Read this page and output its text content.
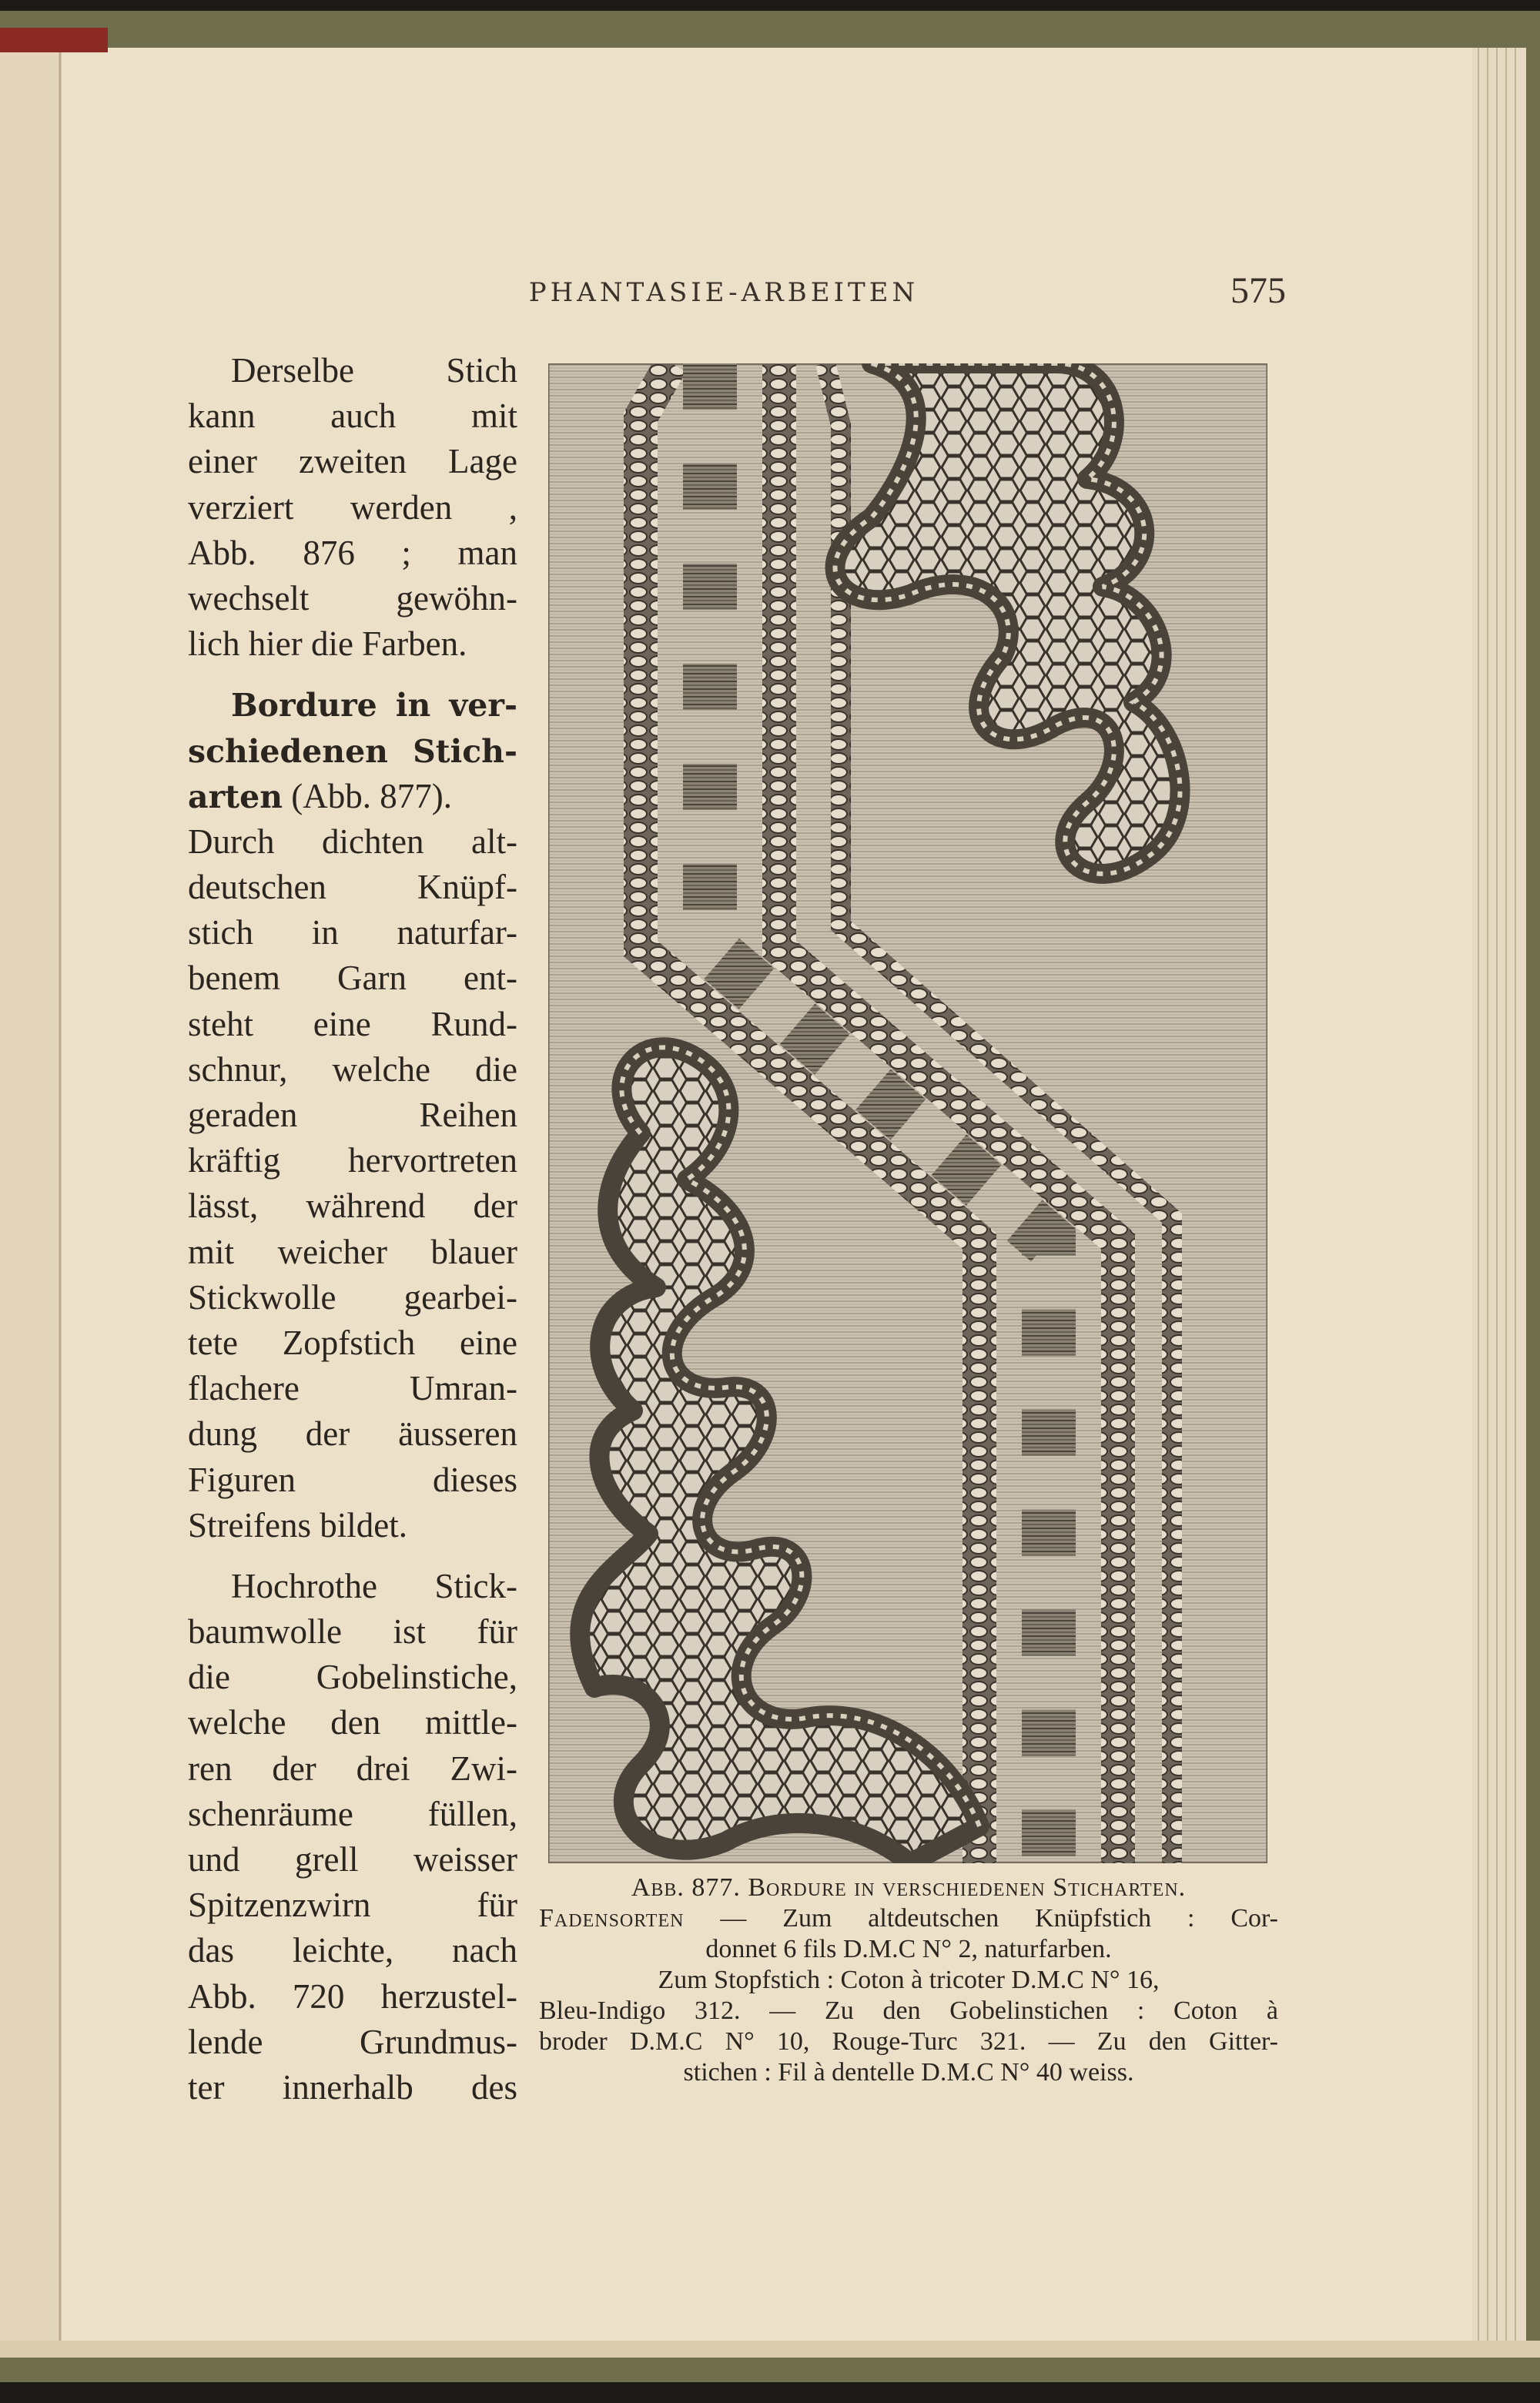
PHANTASIE-ARBEITEN	575
Derselbe Stich
kann auch mit
einer zweiten Lage
verziert werden ,
Abb. 876 ; man
wechselt gewöhn-
lich hier die Farben.
Bordure in ver-
schiedenen Stich-
arten (Abb. 877).
Durch dichten alt-
deutschen Knüpf-
stich in naturfar-
benem Garn ent-
steht eine Rund-
schnur, welche die
geraden Reihen
kräftig hervortreten
lässt, während der
mit weicher blauer
Stickwolle gearbei-
tete Zopfstich eine
flachere Umran-
dung der äusseren
Figuren dieses
Streifens bildet.
Hochrothe Stick-
baumwolle ist für
die Gobelinstiche,
welche den mittle-
ren der drei Zwi-
schenräume füllen,
und grell weisser
Spitzenzwirn für
das leichte, nach
Abb. 720 herzustel-
lende Grundmus-
ter innerhalb des
Abb. 877. Bordure in verschiedenen Sticharten.
Fadensorten — Zum altdeutschen Knüpfstich : Cor-
donnet 6 fils D.M.C N° 2, naturfarben.
Zum Stopfstich : Coton à tricoter D.M.C N° 16,
Bleu-Indigo 312. — Zu den Gobelinstichen : Coton à
broder D.M.C N° 10, Rouge-Turc 321. — Zu den Gitter-
stichen : Fil à dentelle D.M.C N° 40 weiss.
